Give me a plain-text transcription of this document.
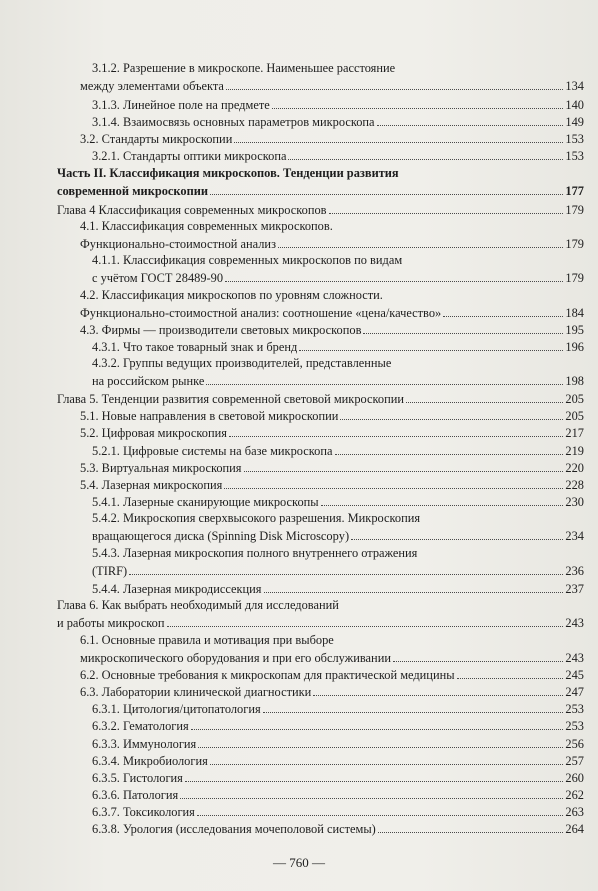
3.1.2. Разрешение в микроскопе. Наименьшее расстояние
между элементами объекта	134
3.1.3. Линейное поле на предмете	140
3.1.4. Взаимосвязь основных параметров микроскопа	149
3.2. Стандарты микроскопии	153
3.2.1. Стандарты оптики микроскопа	153
Часть II. Классификация микроскопов. Тенденции развития
современной микроскопии	177
Глава 4 Классификация современных микроскопов	179
4.1. Классификация современных микроскопов.
Функционально-стоимостной анализ	179
4.1.1. Классификация современных микроскопов по видам
с учётом ГОСТ 28489-90	179
4.2. Классификация микроскопов по уровням сложности.
Функционально-стоимостной анализ: соотношение «цена/качество»	184
4.3. Фирмы — производители световых микроскопов	195
4.3.1. Что такое товарный знак и бренд	196
4.3.2. Группы ведущих производителей, представленные
на российском рынке	198
Глава 5. Тенденции развития современной световой микроскопии	205
5.1. Новые направления в световой микроскопии	205
5.2. Цифровая микроскопия	217
5.2.1. Цифровые системы на базе микроскопа	219
5.3. Виртуальная микроскопия	220
5.4. Лазерная микроскопия	228
5.4.1. Лазерные сканирующие микроскопы	230
5.4.2. Микроскопия сверхвысокого разрешения. Микроскопия
вращающегося диска (Spinning Disk Microscopy)	234
5.4.3. Лазерная микроскопия полного внутреннего отражения
(TIRF)	236
5.4.4. Лазерная микродиссекция	237
Глава 6. Как выбрать необходимый для исследований
и работы микроскоп	243
6.1. Основные правила и мотивация при выборе
микроскопического оборудования и при его обслуживании	243
6.2. Основные требования к микроскопам для практической медицины	245
6.3. Лаборатории клинической диагностики	247
6.3.1. Цитология/цитопатология	253
6.3.2. Гематология	253
6.3.3. Иммунология	256
6.3.4. Микробиология	257
6.3.5. Гистология	260
6.3.6. Патология	262
6.3.7. Токсикология	263
6.3.8. Урология (исследования мочеполовой системы)	264
— 760 —
